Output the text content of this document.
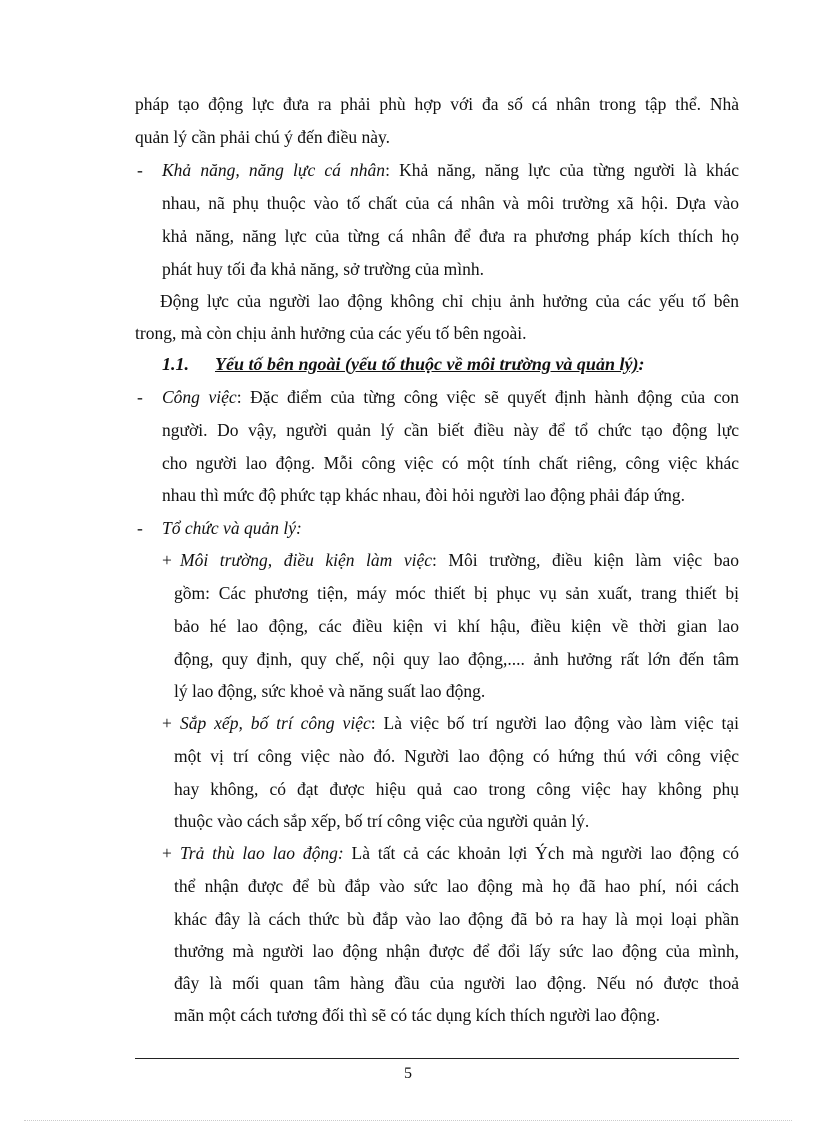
pháp tạo động lực đưa ra phải phù hợp với đa số cá nhân trong tập thể. Nhà
quản lý cần phải chú ý đến điều này.
- Khả năng, năng lực cá nhân: Khả năng, năng lực của từng người là khác
nhau, nã phụ thuộc vào tố chất của cá nhân và môi trường xã hội. Dựa vào
khả năng, năng lực của từng cá nhân để đưa ra phương pháp kích thích họ
phát huy tối đa khả năng, sở trường của mình.
Động lực của người lao động không chỉ chịu ảnh hưởng của các yếu tố bên
trong, mà còn chịu ảnh hưởng của các yếu tố bên ngoài.
1.1. Yếu tố bên ngoài (yếu tố thuộc về môi trường và quản lý):
- Công việc: Đặc điểm của từng công việc sẽ quyết định hành động của con
người. Do vậy, người quản lý cần biết điều này để tổ chức tạo động lực
cho người lao động. Mỗi công việc có một tính chất riêng, công việc khác
nhau thì mức độ phức tạp khác nhau, đòi hỏi người lao động phải đáp ứng.
- Tổ chức và quản lý:
+ Môi trường, điều kiện làm việc: Môi trường, điều kiện làm việc bao
gồm: Các phương tiện, máy móc thiết bị phục vụ sản xuất, trang thiết bị
bảo hé lao động, các điều kiện vi khí hậu, điều kiện về thời gian lao
động, quy định, quy chế, nội quy lao động,.... ảnh hưởng rất lớn đến tâm
lý lao động, sức khoẻ và năng suất lao động.
+ Sắp xếp, bố trí công việc: Là việc bố trí người lao động vào làm việc tại
một vị trí công việc nào đó. Người lao động có hứng thú với công việc
hay không, có đạt được hiệu quả cao trong công việc hay không phụ
thuộc vào cách sắp xếp, bố trí công việc của người quản lý.
+ Trả thù lao lao động: Là tất cả các khoản lợi Ých mà người lao động có
thể nhận được để bù đắp vào sức lao động mà họ đã hao phí, nói cách
khác đây là cách thức bù đắp vào lao động đã bỏ ra hay là mọi loại phần
thưởng mà người lao động nhận được để đổi lấy sức lao động của mình,
đây là mối quan tâm hàng đầu của người lao động. Nếu nó được thoả
mãn một cách tương đối thì sẽ có tác dụng kích thích người lao động.
5
